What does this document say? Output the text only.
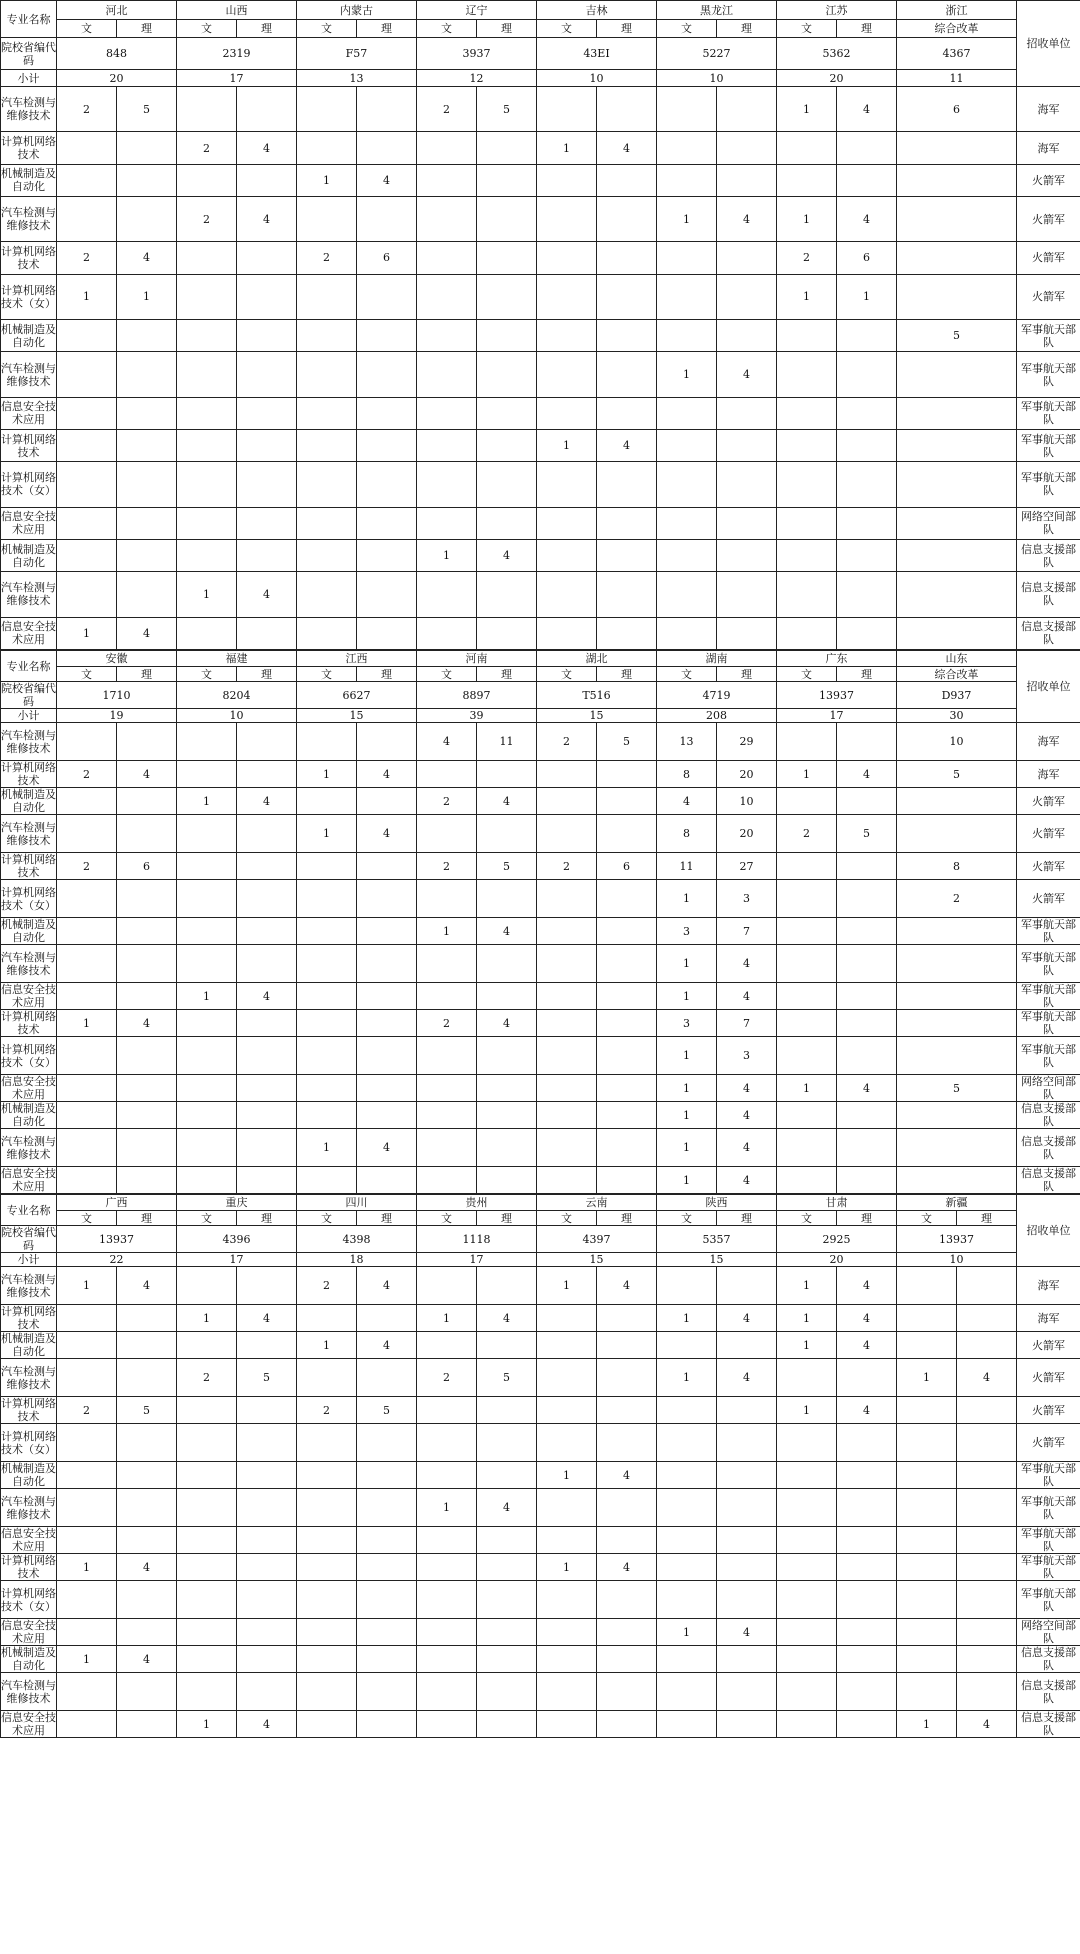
专业名称	河北		山西		内蒙古		辽宁		吉林		黑龙江		江苏		浙江	招收单位
	文	理	文	理	文	理	文	理	文	理	文	理	文	理	综合改革	
院校省编代码	848		2319		F57		3937		43EI		5227		5362		4367	
小计	20		17		13		12		10		10		20		11	
汽车检测与维修技术	2	5					2	5					1	4	6	海军
计算机网络技术			2	4					1	4						海军
机械制造及自动化					1	4										火箭军
汽车检测与维修技术			2	4							1	4	1	4		火箭军
计算机网络技术	2	4			2	6							2	6		火箭军
计算机网络技术（女）	1	1											1	1		火箭军
机械制造及自动化															5	军事航天部队
汽车检测与维修技术											1	4				军事航天部队
信息安全技术应用																军事航天部队
计算机网络技术									1	4						军事航天部队
计算机网络技术（女）																军事航天部队
信息安全技术应用																网络空间部队
机械制造及自动化							1	4								信息支援部队
汽车检测与维修技术			1	4												信息支援部队
信息安全技术应用	1	4														信息支援部队
专业名称	安徽		福建		江西		河南		湖北		湖南		广东		山东	招收单位
	文	理	文	理	文	理	文	理	文	理	文	理	文	理	综合改革	
院校省编代码	1710		8204		6627		8897		T516		4719		13937		D937	
小计	19		10		15		39		15		208		17		30	
汽车检测与维修技术							4	11	2	5	13	29			10	海军
计算机网络技术	2	4			1	4					8	20	1	4	5	海军
机械制造及自动化			1	4			2	4			4	10				火箭军
汽车检测与维修技术					1	4					8	20	2	5		火箭军
计算机网络技术	2	6					2	5	2	6	11	27			8	火箭军
计算机网络技术（女）											1	3			2	火箭军
机械制造及自动化							1	4			3	7				军事航天部队
汽车检测与维修技术											1	4				军事航天部队
信息安全技术应用			1	4							1	4				军事航天部队
计算机网络技术	1	4					2	4			3	7				军事航天部队
计算机网络技术（女）											1	3				军事航天部队
信息安全技术应用											1	4	1	4	5	网络空间部队
机械制造及自动化											1	4				信息支援部队
汽车检测与维修技术					1	4					1	4				信息支援部队
信息安全技术应用											1	4				信息支援部队
专业名称	广西		重庆		四川		贵州		云南		陕西		甘肃		新疆		招收单位
	文	理	文	理	文	理	文	理	文	理	文	理	文	理	文	理	
院校省编代码	13937		4396		4398		1118		4397		5357		2925		13937		
小计	22		17		18		17		15		15		20		10		
汽车检测与维修技术	1	4			2	4			1	4			1	4			海军
计算机网络技术			1	4			1	4			1	4	1	4			海军
机械制造及自动化					1	4							1	4			火箭军
汽车检测与维修技术			2	5			2	5			1	4			1	4	火箭军
计算机网络技术	2	5			2	5							1	4			火箭军
计算机网络技术（女）																	火箭军
机械制造及自动化									1	4							军事航天部队
汽车检测与维修技术							1	4									军事航天部队
信息安全技术应用																	军事航天部队
计算机网络技术	1	4							1	4							军事航天部队
计算机网络技术（女）																	军事航天部队
信息安全技术应用											1	4					网络空间部队
机械制造及自动化	1	4															信息支援部队
汽车检测与维修技术																	信息支援部队
信息安全技术应用			1	4											1	4	信息支援部队
